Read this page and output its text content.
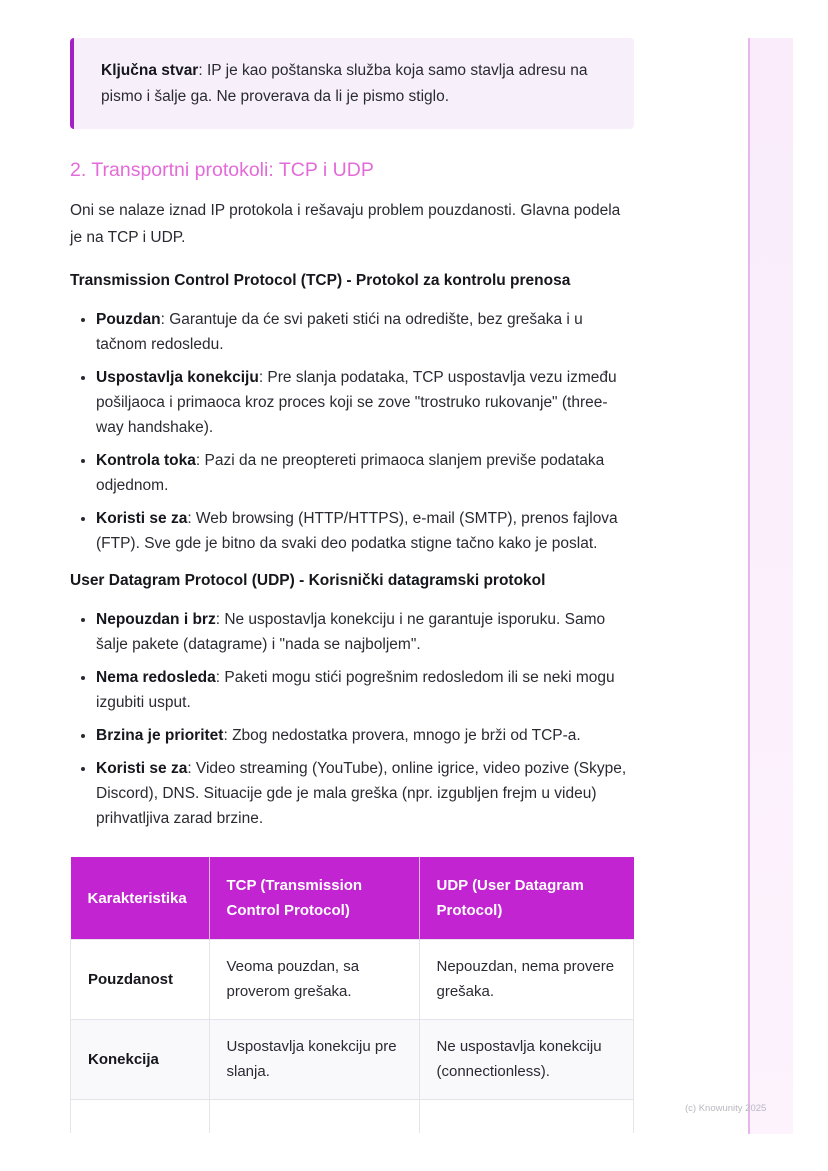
Ključna stvar: IP je kao poštanska služba koja samo stavlja adresu na pismo i šalje ga. Ne proverava da li je pismo stiglo.
2. Transportni protokoli: TCP i UDP

Oni se nalaze iznad IP protokola i rešavaju problem pouzdanosti. Glavna podela je na TCP i UDP.

Transmission Control Protocol (TCP) - Protokol za kontrolu prenosa
• Pouzdan: Garantuje da će svi paketi stići na odredište, bez grešaka i u tačnom redosledu.
• Uspostavlja konekciju: Pre slanja podataka, TCP uspostavlja vezu između pošiljaoca i primaoca kroz proces koji se zove "trostruko rukovanje" (three-way handshake).
• Kontrola toka: Pazi da ne preoptereti primaoca slanjem previše podataka odjednom.
• Koristi se za: Web browsing (HTTP/HTTPS), e-mail (SMTP), prenos fajlova (FTP). Sve gde je bitno da svaki deo podatka stigne tačno kako je poslat.
User Datagram Protocol (UDP) - Korisnički datagramski protokol
• Nepouzdan i brz: Ne uspostavlja konekciju i ne garantuje isporuku. Samo šalje pakete (datagrame) i "nada se najboljem".
• Nema redosleda: Paketi mogu stići pogrešnim redosledom ili se neki mogu izgubiti usput.
• Brzina je prioritet: Zbog nedostatka provera, mnogo je brži od TCP-a.
• Koristi se za: Video streaming (YouTube), online igrice, video pozive (Skype, Discord), DNS. Situacije gde je mala greška (npr. izgubljen frejm u videu) prihvatljiva zarad brzine.
Karakteristika	TCP (Transmission Control Protocol)	UDP (User Datagram Protocol)
Pouzdanost	Veoma pouzdan, sa proverom grešaka.	Nepouzdan, nema provere grešaka.
Konekcija	Uspostavlja konekciju pre slanja.	Ne uspostavlja konekciju (connectionless).

(c) Knowunity 2025
